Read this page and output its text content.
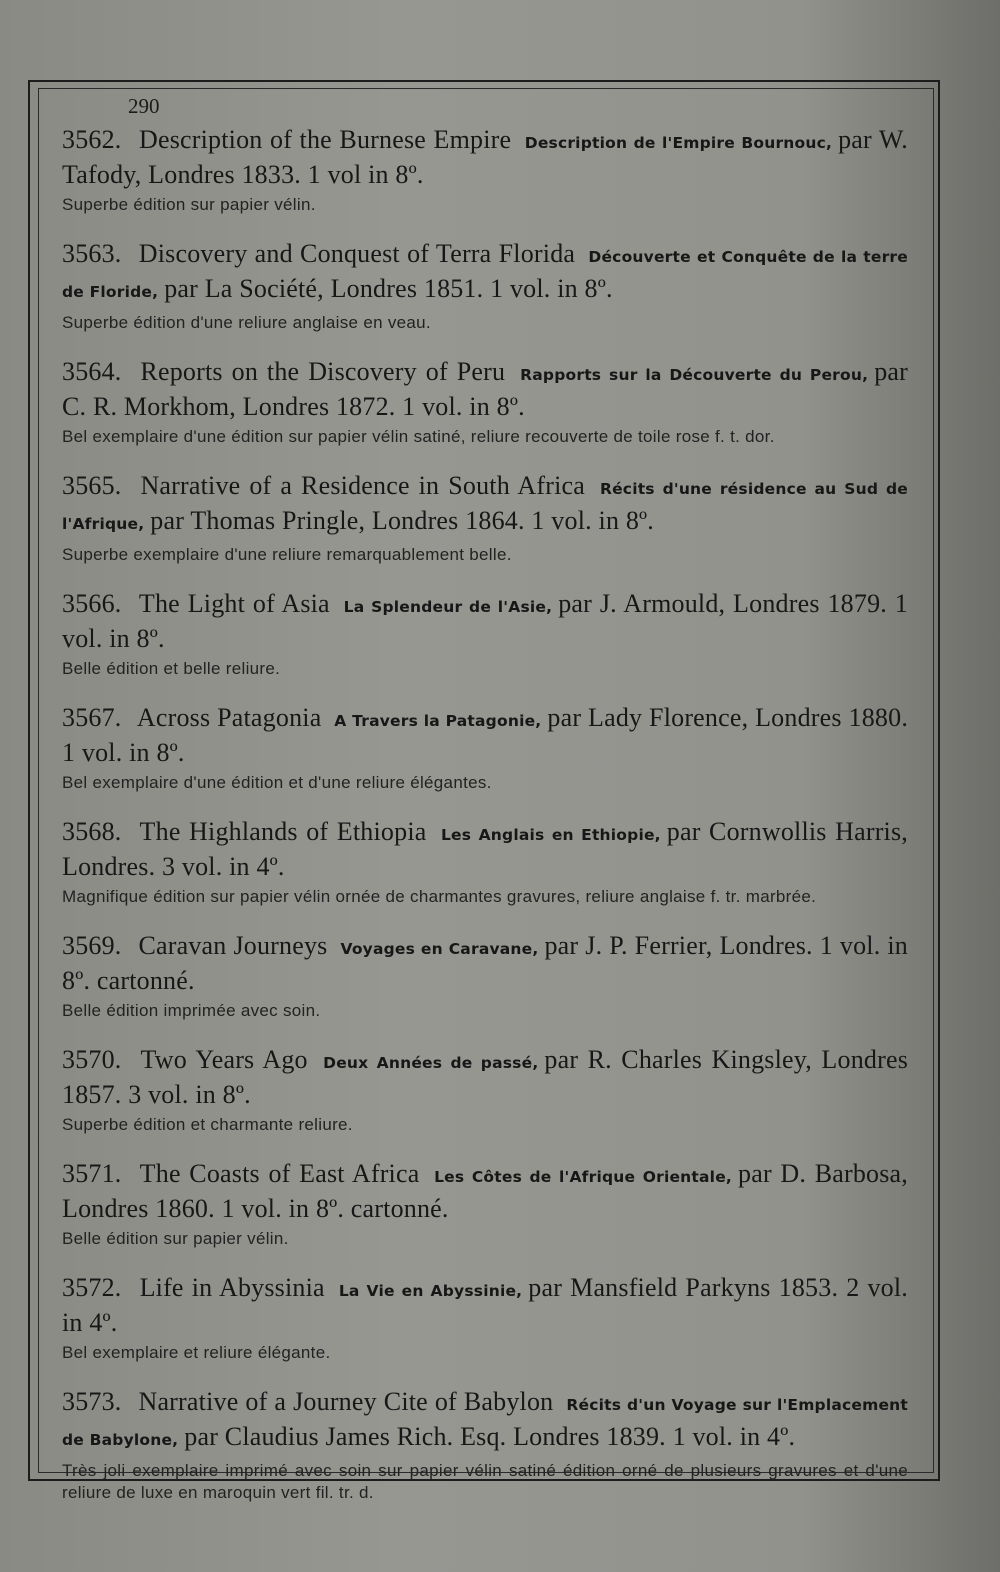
290
3562. Description of the Burnese Empire Description de l'Empire Bournouc, par W. Tafody, Londres 1833. 1 vol in 8º.
Superbe édition sur papier vélin.
3563. Discovery and Conquest of Terra Florida Découverte et Conquête de la terre de Floride, par La Société, Londres 1851. 1 vol. in 8º.
Superbe édition d'une reliure anglaise en veau.
3564. Reports on the Discovery of Peru Rapports sur la Découverte du Perou, par C. R. Morkhom, Londres 1872. 1 vol. in 8º.
Bel exemplaire d'une édition sur papier vélin satiné, reliure recouverte de toile rose f. t. dor.
3565. Narrative of a Residence in South Africa Récits d'une résidence au Sud de l'Afrique, par Thomas Pringle, Londres 1864. 1 vol. in 8º.
Superbe exemplaire d'une reliure remarquablement belle.
3566. The Light of Asia La Splendeur de l'Asie, par J. Armould, Londres 1879. 1 vol. in 8º.
Belle édition et belle reliure.
3567. Across Patagonia A Travers la Patagonie, par Lady Florence, Londres 1880. 1 vol. in 8º.
Bel exemplaire d'une édition et d'une reliure élégantes.
3568. The Highlands of Ethiopia Les Anglais en Ethiopie, par Cornwollis Harris, Londres. 3 vol. in 4º.
Magnifique édition sur papier vélin ornée de charmantes gravures, reliure anglaise f. tr. marbrée.
3569. Caravan Journeys Voyages en Caravane, par J. P. Ferrier, Londres. 1 vol. in 8º. cartonné.
Belle édition imprimée avec soin.
3570. Two Years Ago Deux Années de passé, par R. Charles Kingsley, Londres 1857. 3 vol. in 8º.
Superbe édition et charmante reliure.
3571. The Coasts of East Africa Les Côtes de l'Afrique Orientale, par D. Barbosa, Londres 1860. 1 vol. in 8º. cartonné.
Belle édition sur papier vélin.
3572. Life in Abyssinia La Vie en Abyssinie, par Mansfield Parkyns 1853. 2 vol. in 4º.
Bel exemplaire et reliure élégante.
3573. Narrative of a Journey Cite of Babylon Récits d'un Voyage sur l'Emplacement de Babylone, par Claudius James Rich. Esq. Londres 1839. 1 vol. in 4º.
Très joli exemplaire imprimé avec soin sur papier vélin satiné édition orné de plusieurs gravures et d'une reliure de luxe en maroquin vert fil. tr. d.
